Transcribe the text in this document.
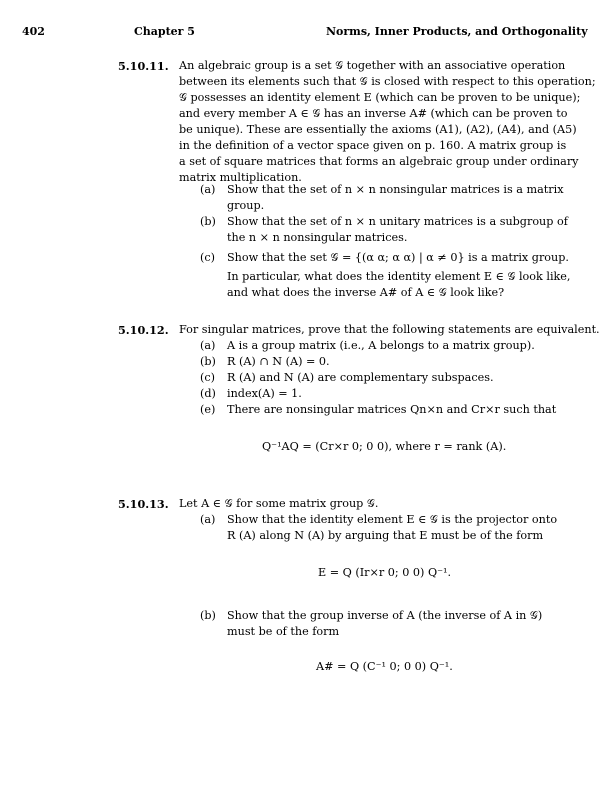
402	Chapter 5	Norms, Inner Products, and Orthogonality
5.10.11. An algebraic group is a set 𝒢 together with an associative operation
between its elements such that 𝒢 is closed with respect to this operation;
𝒢 possesses an identity element E (which can be proven to be unique);
and every member A ∈ 𝒢 has an inverse A# (which can be proven to
be unique). These are essentially the axioms (A1), (A2), (A4), and (A5)
in the definition of a vector space given on p. 160. A matrix group is
a set of square matrices that forms an algebraic group under ordinary
matrix multiplication.
(a) Show that the set of n × n nonsingular matrices is a matrix
group.
(b) Show that the set of n × n unitary matrices is a subgroup of
the n × n nonsingular matrices.
(c) Show that the set 𝒢 = {(α α; α α) | α ≠ 0} is a matrix group.
In particular, what does the identity element E ∈ 𝒢 look like,
and what does the inverse A# of A ∈ 𝒢 look like?
5.10.12. For singular matrices, prove that the following statements are equivalent.
(a) A is a group matrix (i.e., A belongs to a matrix group).
(b) R (A) ∩ N (A) = 0.
(c) R (A) and N (A) are complementary subspaces.
(d) index(A) = 1.
(e) There are nonsingular matrices Qn×n and Cr×r such that
Q⁻¹AQ = (Cr×r 0; 0 0), where r = rank (A).
5.10.13. Let A ∈ 𝒢 for some matrix group 𝒢.
(a) Show that the identity element E ∈ 𝒢 is the projector onto
R (A) along N (A) by arguing that E must be of the form
E = Q (Ir×r 0; 0 0) Q⁻¹.
(b) Show that the group inverse of A (the inverse of A in 𝒢)
must be of the form
A# = Q (C⁻¹ 0; 0 0) Q⁻¹.
